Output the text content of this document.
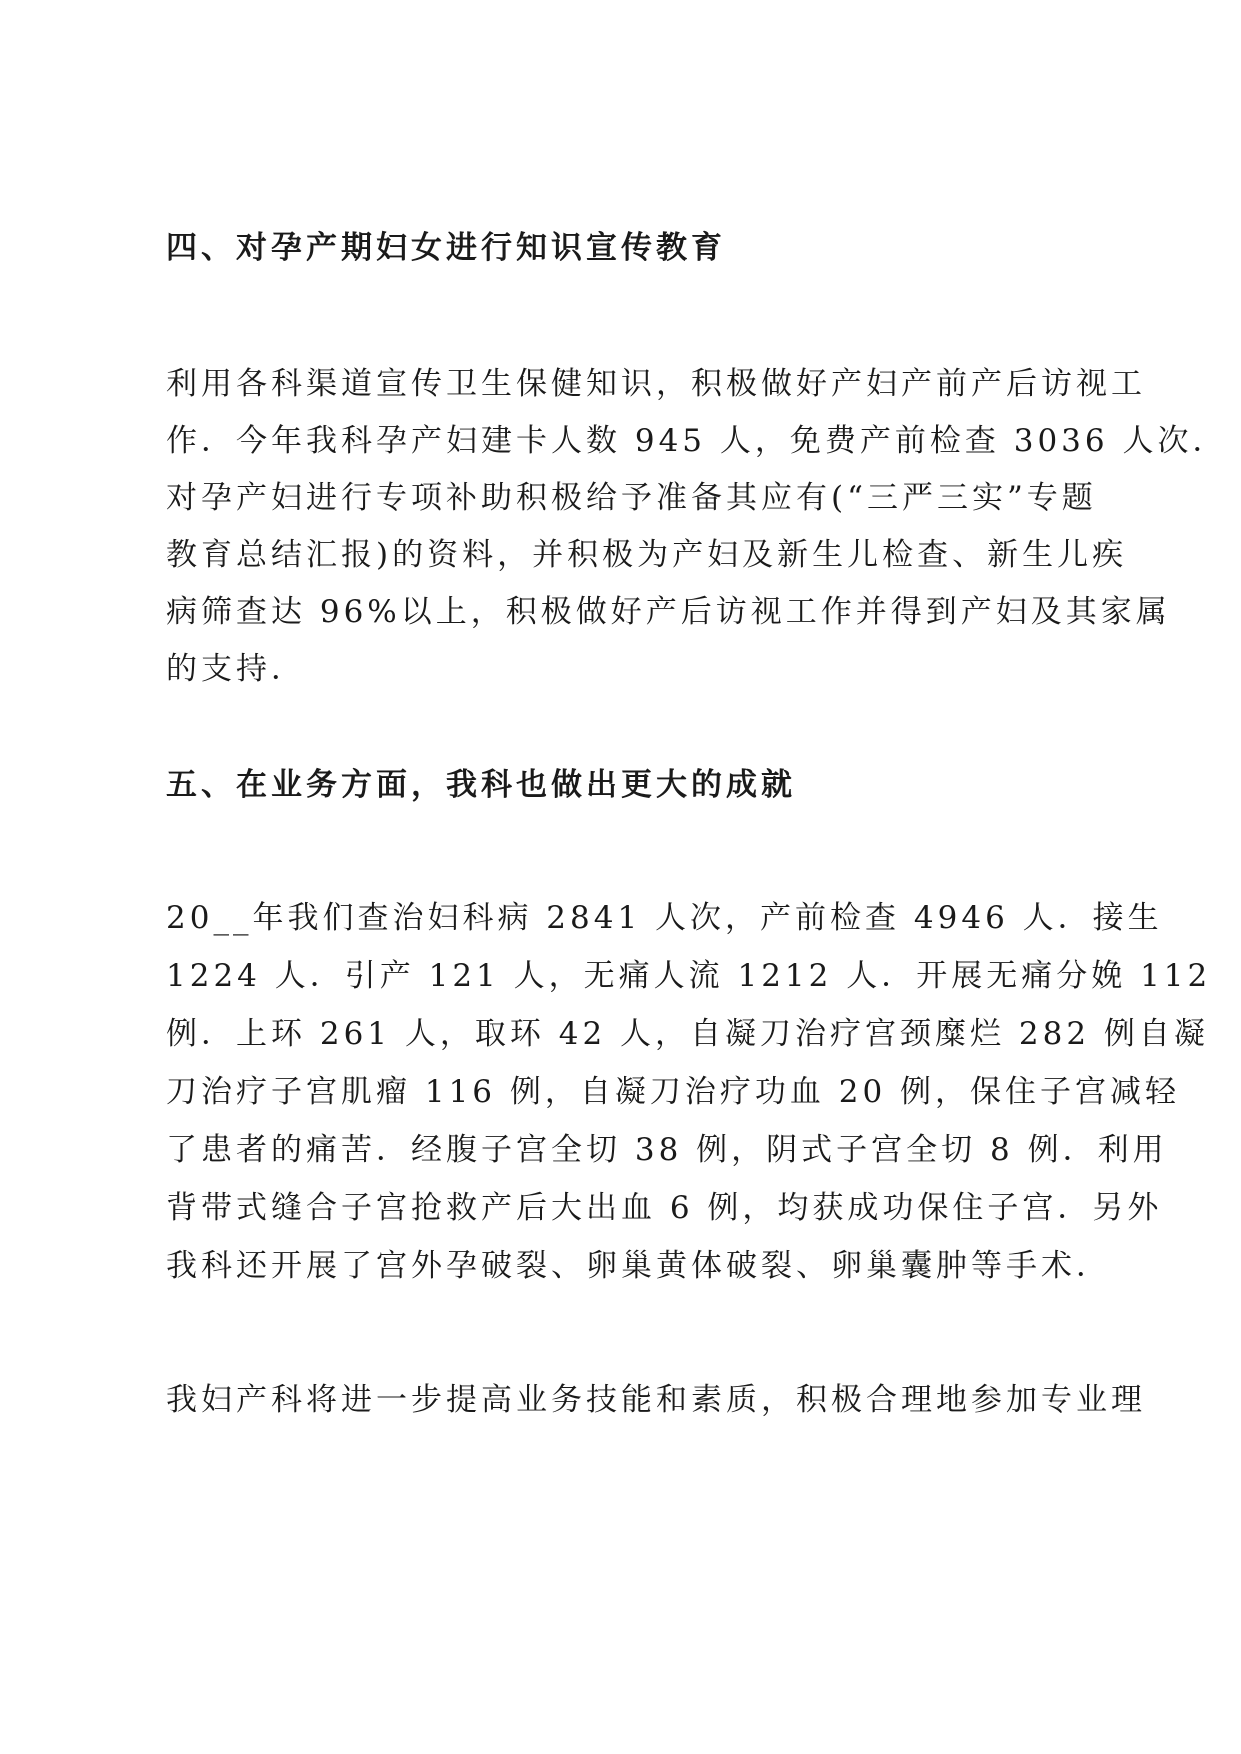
四、对孕产期妇女进行知识宣传教育

利用各科渠道宣传卫生保健知识，积极做好产妇产前产后访视工

作．今年我科孕产妇建卡人数 945 人，免费产前检查 3036 人次．

对孕产妇进行专项补助积极给予准备其应有(“三严三实”专题

教育总结汇报)的资料，并积极为产妇及新生儿检查、新生儿疾

病筛查达 96%以上，积极做好产后访视工作并得到产妇及其家属

的支持．

五、在业务方面，我科也做出更大的成就

20__年我们查治妇科病 2841 人次，产前检查 4946 人．接生

1224 人．引产 121 人，无痛人流 1212 人．开展无痛分娩 112

例．上环 261 人，取环 42 人，自凝刀治疗宫颈糜烂 282 例自凝

刀治疗子宫肌瘤 116 例，自凝刀治疗功血 20 例，保住子宫减轻

了患者的痛苦．经腹子宫全切 38 例，阴式子宫全切 8 例．利用

背带式缝合子宫抢救产后大出血 6 例，均获成功保住子宫．另外

我科还开展了宫外孕破裂、卵巢黄体破裂、卵巢囊肿等手术．

我妇产科将进一步提高业务技能和素质，积极合理地参加专业理
